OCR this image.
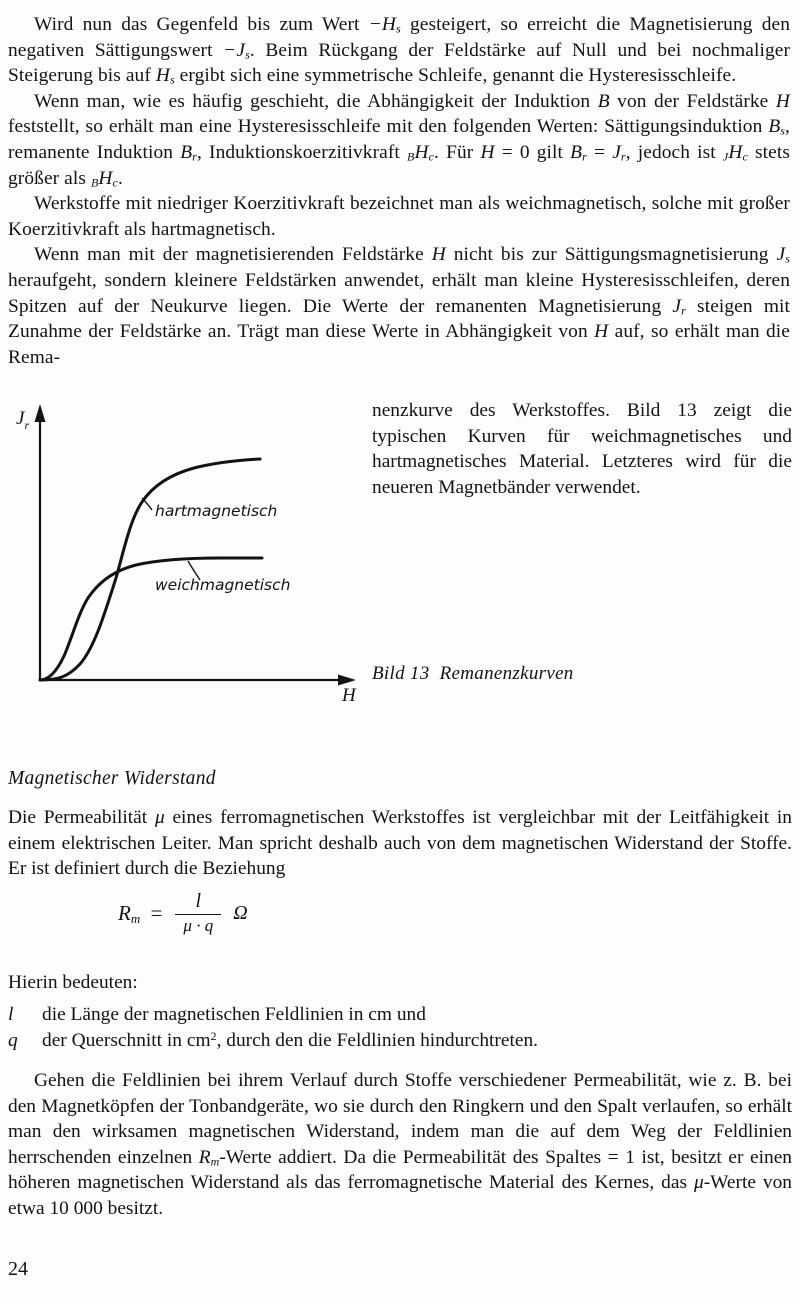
Wird nun das Gegenfeld bis zum Wert $-H_s$ gesteigert, so erreicht die Magnetisierung den negativen Sättigungswert $-J_s$. Beim Rückgang der Feldstärke auf Null und bei nochmaliger Steigerung bis auf $H_s$ ergibt sich eine symmetrische Schleife, genannt die Hysteresisschleife.

Wenn man, wie es häufig geschieht, die Abhängigkeit der Induktion B von der Feldstärke H feststellt, so erhält man eine Hysteresisschleife mit den folgenden Werten: Sättigungsinduktion $B_s$, remanente Induktion $B_r$, Induktionskoerzitivkraft $BH_c$. Für H = 0 gilt $B_r = J_r$, jedoch ist $JH_c$ stets größer als $BH_c$.

Werkstoffe mit niedriger Koerzitivkraft bezeichnet man als weichmagnetisch, solche mit großer Koerzitivkraft als hartmagnetisch.

Wenn man mit der magnetisierenden Feldstärke H nicht bis zur Sättigungsmagnetisierung $J_s$ heraufgeht, sondern kleinere Feldstärken anwendet, erhält man kleine Hysteresisschleifen, deren Spitzen auf der Neukurve liegen. Die Werte der remanenten Magnetisierung $J_r$ steigen mit Zunahme der Feldstärke an. Trägt man diese Werte in Abhängigkeit von H auf, so erhält man die Rema-

nenzkurve des Werkstoffes. Bild 13 zeigt die typischen Kurven für weichmagnetisches und hartmagnetisches Material. Letzteres wird für die neueren Magnetbänder verwendet.
hartmagnetisch
weichmagnetisch
$J_r$
H
Bild 13 Remanenzkurven
Magnetischer Widerstand

Die Permeabilität μ eines ferromagnetischen Werkstoffes ist vergleichbar mit der Leitfähigkeit in einem elektrischen Leiter. Man spricht deshalb auch von dem magnetischen Widerstand der Stoffe. Er ist definiert durch die Beziehung

$R_m = \frac{l}{\mu \cdot q}$ Ω
Hierin bedeuten:
l	die Länge der magnetischen Feldlinien in cm und
q	der Querschnitt in $cm^2$, durch den die Feldlinien hindurchtreten.

Gehen die Feldlinien bei ihrem Verlauf durch Stoffe verschiedener Permeabilität, wie z. B. bei den Magnetköpfen der Tonbandgeräte, wo sie durch den Ringkern und den Spalt verlaufen, so erhält man den wirksamen magnetischen Widerstand, indem man die auf dem Weg der Feldlinien herrschenden einzelnen $R_m$-Werte addiert. Da die Permeabilität des Spaltes = 1 ist, besitzt er einen höheren magnetischen Widerstand als das ferromagnetische Material des Kernes, das μ-Werte von etwa 10 000 besitzt.

24
